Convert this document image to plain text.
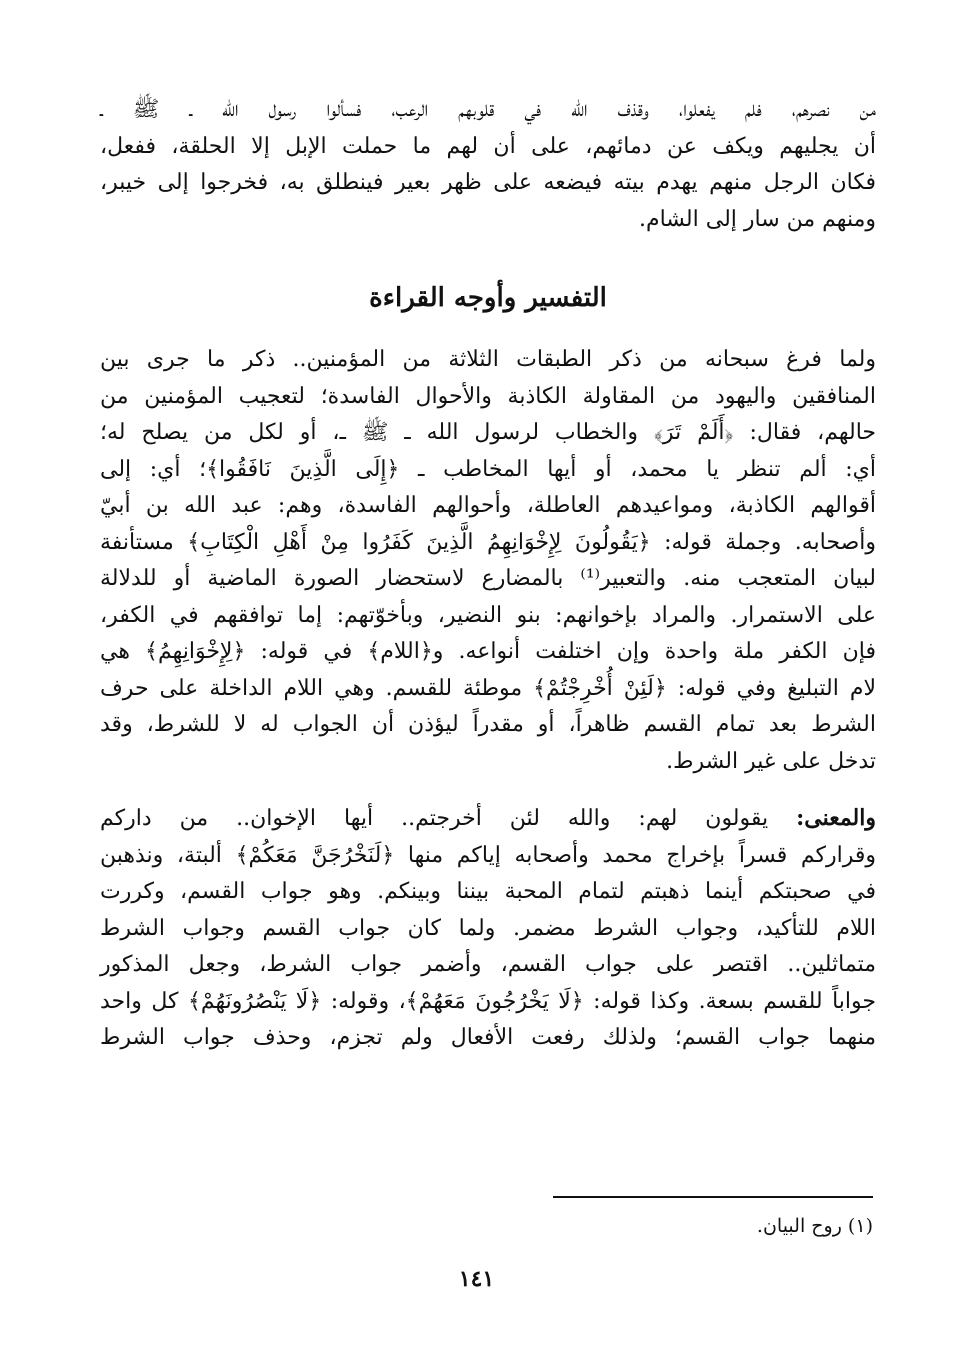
من نصرهم، فلم يفعلوا، وقذف الله في قلوبهم الرعب، فسألوا رسول الله ـ ﷺ ـ
أن يجليهم ويكف عن دمائهم، على أن لهم ما حملت الإبل إلا الحلقة، ففعل،
فكان الرجل منهم يهدم بيته فيضعه على ظهر بعير فينطلق به، فخرجوا إلى خيبر،
ومنهم من سار إلى الشام.

التفسير وأوجه القراءة

ولما فرغ سبحانه من ذكر الطبقات الثلاثة من المؤمنين.. ذكر ما جرى بين
المنافقين واليهود من المقاولة الكاذبة والأحوال الفاسدة؛ لتعجيب المؤمنين من
حالهم، فقال: ﴿أَلَمْ تَرَ﴾ والخطاب لرسول الله ـ ﷺ ـ، أو لكل من يصلح له؛
أي: ألم تنظر يا محمد، أو أيها المخاطب ـ ﴿إِلَى الَّذِينَ نَافَقُوا﴾؛ أي: إلى
أقوالهم الكاذبة، ومواعيدهم العاطلة، وأحوالهم الفاسدة، وهم: عبد الله بن أبيّ
وأصحابه. وجملة قوله: ﴿يَقُولُونَ لِإِخْوَانِهِمُ الَّذِينَ كَفَرُوا مِنْ أَهْلِ الْكِتَابِ﴾ مستأنفة
لبيان المتعجب منه. والتعبير⁽¹⁾ بالمضارع لاستحضار الصورة الماضية أو للدلالة
على الاستمرار. والمراد بإخوانهم: بنو النضير، وبأخوّتهم: إما توافقهم في الكفر،
فإن الكفر ملة واحدة وإن اختلفت أنواعه. و﴿اللام﴾ في قوله: ﴿لِإِخْوَانِهِمُ﴾ هي
لام التبليغ وفي قوله: ﴿لَئِنْ أُخْرِجْتُمْ﴾ موطئة للقسم. وهي اللام الداخلة على حرف
الشرط بعد تمام القسم ظاهراً، أو مقدراً ليؤذن أن الجواب له لا للشرط، وقد
تدخل على غير الشرط.

والمعنى: يقولون لهم: والله لئن أخرجتم.. أيها الإخوان.. من داركم
وقراركم قسراً بإخراج محمد وأصحابه إياكم منها ﴿لَنَخْرُجَنَّ مَعَكُمْ﴾ ألبتة، ونذهبن
في صحبتكم أينما ذهبتم لتمام المحبة بيننا وبينكم. وهو جواب القسم، وكررت
اللام للتأكيد، وجواب الشرط مضمر. ولما كان جواب القسم وجواب الشرط
متماثلين.. اقتصر على جواب القسم، وأضمر جواب الشرط، وجعل المذكور
جواباً للقسم بسعة. وكذا قوله: ﴿لَا يَخْرُجُونَ مَعَهُمْ﴾، وقوله: ﴿لَا يَنْصُرُونَهُمْ﴾ كل واحد
منهما جواب القسم؛ ولذلك رفعت الأفعال ولم تجزم، وحذف جواب الشرط

(١) روح البيان.
١٤١
